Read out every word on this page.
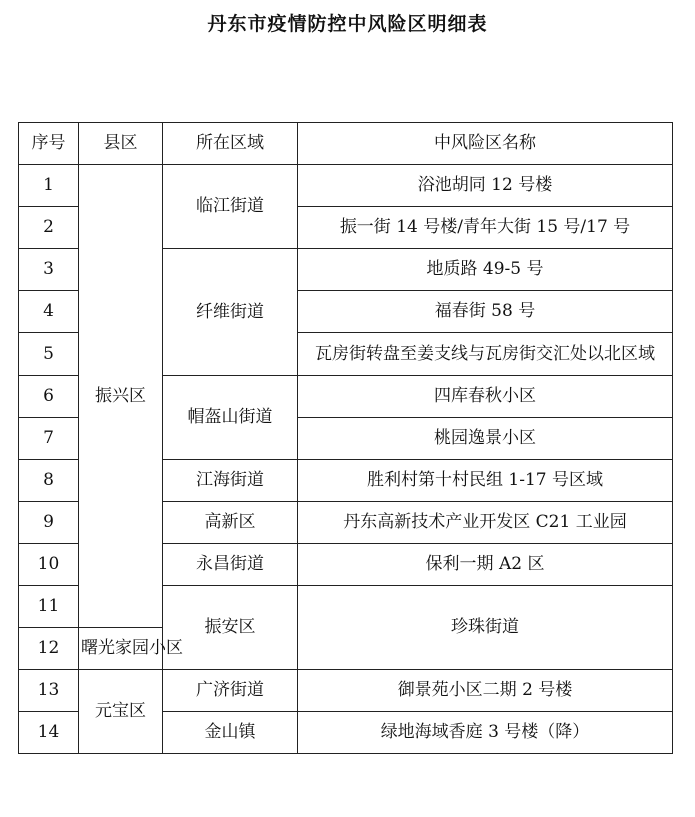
丹东市疫情防控中风险区明细表
序号	县区	所在区域	中风险区名称	
1	振兴区	临江街道	浴池胡同 12 号楼	
2			振一街 14 号楼/青年大街 15 号/17 号	
3		纤维街道	地质路 49-5 号	
4			福春街 58 号	
5			瓦房街转盘至姜支线与瓦房街交汇处以北区域	
6		帽盔山街道	四库春秋小区	
7			桃园逸景小区	
8		江海街道	胜利村第十村民组 1-17 号区域	
9		高新区	丹东高新技术产业开发区 C21 工业园	
10		永昌街道	保利一期 A2 区	
11		振安区	珍珠街道	
12	曙光家园小区			
13	元宝区	广济街道	御景苑小区二期 2 号楼	
14		金山镇	绿地海域香庭 3 号楼（降）	
